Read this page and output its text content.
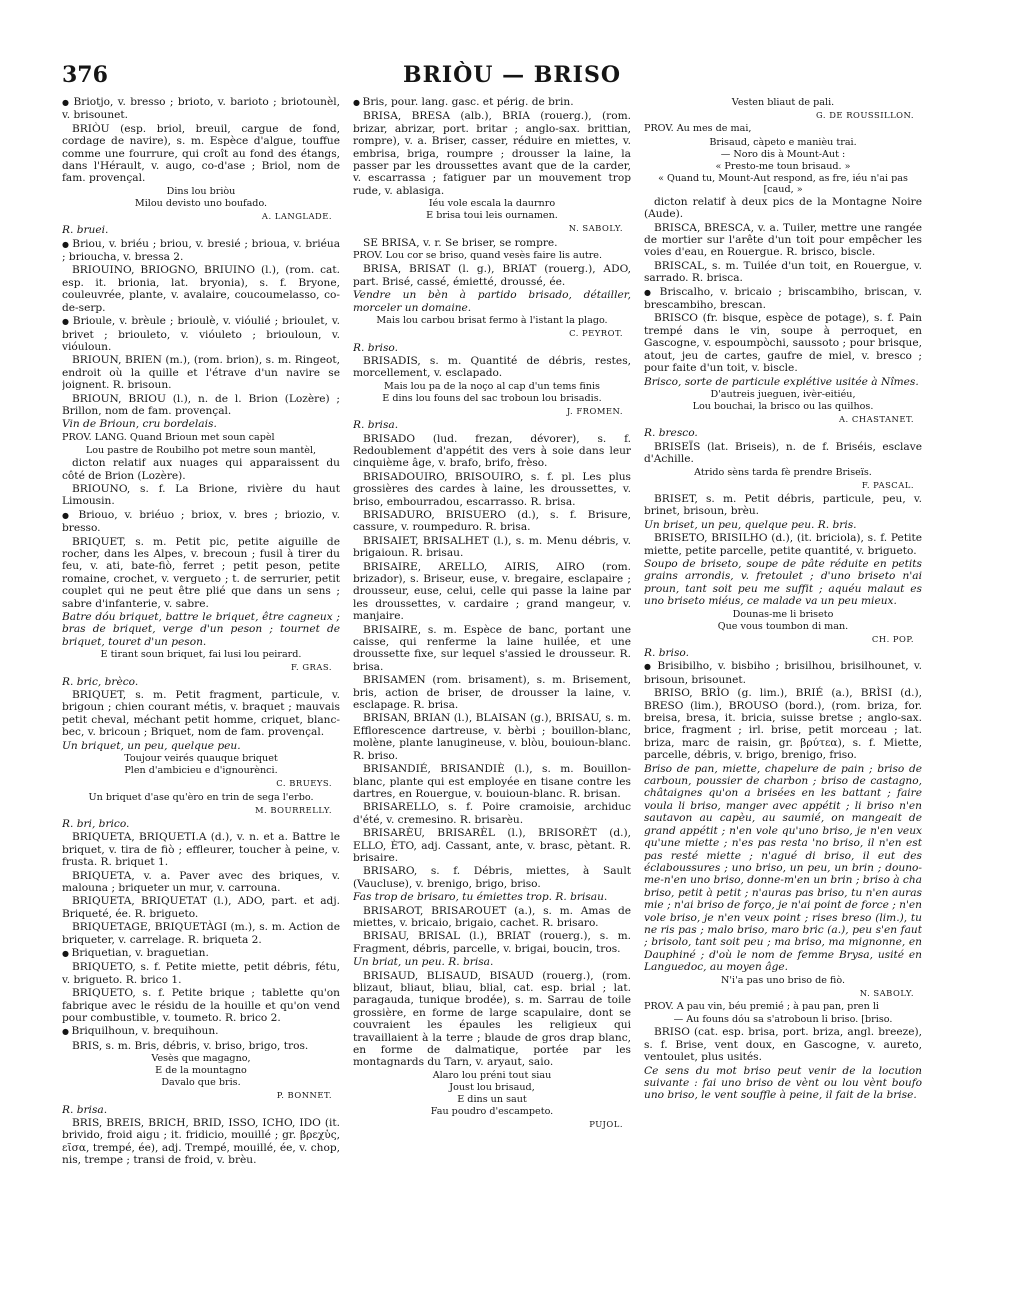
376	BRIÒU — BRISO

● Briotjo, v. bresso ; brioto, v. barioto ; briotounèl, v. brisounet.

BRIÒU (esp. briol, breuil, cargue de fond, cordage de navire), s. m. Espèce d'algue, touffue comme une fourrure, qui croît au fond des étangs, dans l'Hérault, v. augo, co-d'ase ; Briol, nom de fam. provençal.

Dins lou briòu

Milou devisto uno boufado.

A. LANGLADE.

R. bruei.

● Briou, v. briéu ; briou, v. bresié ; brioua, v. briéua ; brioucha, v. bressa 2.

BRIOUINO, BRIOGNO, BRIUINO (l.), (rom. cat. esp. it. brionia, lat. bryonia), s. f. Bryone, couleuvrée, plante, v. avalaire, coucoumelasso, co-de-serp.

● Brioule, v. brèule ; brioulè, v. vióulié ; brioulet, v. brivet ; briouleto, v. vióuleto ; briouloun, v. vióuloun.

BRIOUN, BRIEN (m.), (rom. brion), s. m. Ringeot, endroit où la quille et l'étrave d'un navire se joignent. R. brisoun.

BRIOUN, BRIOU (l.), n. de l. Brion (Lozère) ; Brillon, nom de fam. provençal.

Vin de Brioun, cru bordelais.

PROV. LANG. Quand Brioun met soun capèl

Lou pastre de Roubilho pot metre soun mantèl,

dicton relatif aux nuages qui apparaissent du côté de Brion (Lozère).

BRIOUNO, s. f. La Brione, rivière du haut Limousin.

● Briouo, v. briéuo ; briox, v. bres ; briozio, v. bresso.

BRIQUET, s. m. Petit pic, petite aiguille de rocher, dans les Alpes, v. brecoun ; fusil à tirer du feu, v. ati, bate-fiò, ferret ; petit peson, petite romaine, crochet, v. vergueto ; t. de serrurier, petit couplet qui ne peut être plié que dans un sens ; sabre d'infanterie, v. sabre.

Batre dóu briquet, battre le briquet, être cagneux ; bras de briquet, verge d'un peson ; tournet de briquet, touret d'un peson.

E tirant soun briquet, fai lusi lou peirard.

F. GRAS.

R. bric, brèco.

BRIQUET, s. m. Petit fragment, particule, v. brigoun ; chien courant métis, v. braquet ; mauvais petit cheval, méchant petit homme, criquet, blanc-bec, v. bricoun ; Briquet, nom de fam. provençal.

Un briquet, un peu, quelque peu.

Toujour veirés quauque briquet

Plen d'ambicieu e d'ignourènci.

C. BRUEYS.

Un briquet d'ase qu'èro en trin de sega l'erbo.

M. BOURRELLY.

R. bri, brico.

BRIQUETA, BRIQUETI.A (d.), v. n. et a. Battre le briquet, v. tira de fiò ; effleurer, toucher à peine, v. frusta. R. briquet 1.

BRIQUETA, v. a. Paver avec des briques, v. malouna ; briqueter un mur, v. carrouna.

BRIQUETA, BRIQUETAT (l.), ADO, part. et adj. Briqueté, ée. R. brigueto.

BRIQUETAGE, BRIQUETÀGI (m.), s. m. Action de briqueter, v. carrelage. R. briqueta 2.

● Briquetian, v. braguetian.

BRIQUETO, s. f. Petite miette, petit débris, fétu, v. brigueto. R. brico 1.

BRIQUETO, s. f. Petite brique ; tablette qu'on fabrique avec le résidu de la houille et qu'on vend pour combustible, v. toumeto. R. brico 2.

● Briquilhoun, v. brequihoun.

BRIS, s. m. Bris, débris, v. briso, brigo, tros.

Vesès que magagno,

E de la mountagno

Davalo que bris.

P. BONNET.

R. brisa.

BRIS, BREIS, BRICH, BRID, ISSO, ICHO, IDO (it. brivido, froid aigu ; it. fridicio, mouillé ; gr. βρεχὑς, εῖσα, trempé, ée), adj. Trempé, mouillé, ée, v. chop, nis, trempe ; transi de froid, v. brèu.

● Bris, pour. lang. gasc. et périg. de brin.

BRISA, BRESA (alb.), BRIA (rouerg.), (rom. brizar, abrizar, port. britar ; anglo-sax. brittian, rompre), v. a. Briser, casser, réduire en miettes, v. embrisa, briga, roumpre ; drousser la laine, la passer par les droussettes avant que de la carder, v. escarrassa ; fatiguer par un mouvement trop rude, v. ablasiga.

Iéu vole escala la daurnro

E brisa toui leis ournamen.

N. SABOLY.

SE BRISA, v. r. Se briser, se rompre.

PROV. Lou cor se briso, quand vesès faire lis autre.

BRISA, BRISAT (l. g.), BRIAT (rouerg.), ADO, part. Brisé, cassé, émietté, droussé, ée.

Vendre un bèn à partido brisado, détailler, morceler un domaine.

Mais lou carbou brisat fermo à l'istant la plago.

C. PEYROT.

R. briso.

BRISADIS, s. m. Quantité de débris, restes, morcellement, v. esclapado.

Mais lou pa de la noço al cap d'un tems finis

E dins lou founs del sac troboun lou brisadis.

J. FROMEN.

R. brisa.

BRISADO (lud. frezan, dévorer), s. f. Redoublement d'appétit des vers à soie dans leur cinquième âge, v. brafo, brifo, frèso.

BRISADOUIRO, BRISOUIRO, s. f. pl. Les plus grossières des cardes à laine, les droussettes, v. briso, embourradou, escarrasso. R. brisa.

BRISADURO, BRISUERO (d.), s. f. Brisure, cassure, v. roumpeduro. R. brisa.

BRISAIET, BRISALHET (l.), s. m. Menu débris, v. brigaioun. R. brisau.

BRISAIRE, ARELLO, AIRIS, AIRO (rom. brizador), s. Briseur, euse, v. bregaire, esclapaire ; drousseur, euse, celui, celle qui passe la laine par les droussettes, v. cardaire ; grand mangeur, v. manjaire.

BRISAIRE, s. m. Espèce de banc, portant une caisse, qui renferme la laine huilée, et une droussette fixe, sur lequel s'assied le drousseur. R. brisa.

BRISAMEN (rom. brisament), s. m. Brisement, bris, action de briser, de drousser la laine, v. esclapage. R. brisa.

BRISAN, BRIAN (l.), BLAISAN (g.), BRISAU, s. m. Efflorescence dartreuse, v. bèrbi ; bouillon-blanc, molène, plante lanugineuse, v. blòu, bouioun-blanc. R. briso.

BRISANDIÉ, BRISANDIÈ (l.), s. m. Bouillon-blanc, plante qui est employée en tisane contre les dartres, en Rouergue, v. bouioun-blanc. R. brisan.

BRISARELLO, s. f. Poire cramoisie, archiduc d'été, v. cremesino. R. brisarèu.

BRISARÈU, BRISARÈL (l.), BRISORÈT (d.), ELLO, ÈTO, adj. Cassant, ante, v. brasc, pètant. R. brisaire.

BRISARO, s. f. Débris, miettes, à Sault (Vaucluse), v. brenigo, brigo, briso.

Fas trop de brisaro, tu émiettes trop. R. brisau.

BRISAROT, BRISAROUET (a.), s. m. Amas de miettes, v. bricaio, brigaio, cachet. R. brisaro.

BRISAU, BRISAL (l.), BRIAT (rouerg.), s. m. Fragment, débris, parcelle, v. brigai, boucin, tros.

Un briat, un peu. R. brisa.

BRISAUD, BLISAUD, BISAUD (rouerg.), (rom. blizaut, bliaut, bliau, blial, cat. esp. brial ; lat. paragauda, tunique brodée), s. m. Sarrau de toile grossière, en forme de large scapulaire, dont se couvraient les épaules les religieux qui travaillaient à la terre ; blaude de gros drap blanc, en forme de dalmatique, portée par les montagnards du Tarn, v. aryaut, saio.

Alaro lou préni tout siau

Joust lou brisaud,

E dins un saut

Fau poudro d'escampeto.

PUJOL.

Vesten bliaut de pali.

G. DE ROUSSILLON.

PROV. Au mes de mai,

Brisaud, càpeto e manièu trai.

— Noro dis à Mount-Aut :

« Presto-me toun brisaud. »

« Quand tu, Mount-Aut respond, as fre, iéu n'ai pas [caud, »

dicton relatif à deux pics de la Montagne Noire (Aude).

BRISCA, BRESCA, v. a. Tuiler, mettre une rangée de mortier sur l'arête d'un toit pour empêcher les voies d'eau, en Rouergue. R. brisco, biscle.

BRISCAL, s. m. Tuilée d'un toit, en Rouergue, v. sarrado. R. brisca.

● Briscalho, v. bricaio ; briscambiho, briscan, v. brescambiho, brescan.

BRISCO (fr. bisque, espèce de potage), s. f. Pain trempé dans le vin, soupe à perroquet, en Gascogne, v. espoumpòchi, saussoto ; pour brisque, atout, jeu de cartes, gaufre de miel, v. bresco ; pour faite d'un toit, v. biscle.

Brisco, sorte de particule explétive usitée à Nîmes.

D'autreis jueguen, ivèr-eitiéu,

Lou bouchai, la brisco ou las quilhos.

A. CHASTANET.

R. bresco.

BRISEÏS (lat. Briseis), n. de f. Briséis, esclave d'Achille.

Atrido sèns tarda fè prendre Briseïs.

F. PASCAL.

BRISET, s. m. Petit débris, particule, peu, v. brinet, brisoun, brèu.

Un briset, un peu, quelque peu. R. bris.

BRISETO, BRISILHO (d.), (it. briciola), s. f. Petite miette, petite parcelle, petite quantité, v. brigueto.

Soupo de briseto, soupe de pâte réduite en petits grains arrondis, v. fretoulet ; d'uno briseto n'ai proun, tant soit peu me suffit ; aquéu malaut es uno briseto miéus, ce malade va un peu mieux.

Dounas-me li briseto

Que vous toumbon di man.

CH. POP.

R. briso.

● Brisibilho, v. bisbiho ; brisilhou, brisilhounet, v. brisoun, brisounet.

BRISO, BRÌO (g. lim.), BRIÉ (a.), BRÌSI (d.), BRESO (lim.), BROUSO (bord.), (rom. briza, for. breisa, bresa, it. bricia, suisse bretse ; anglo-sax. brice, fragment ; irl. brise, petit morceau ; lat. briza, marc de raisin, gr. βρύτεα), s. f. Miette, parcelle, débris, v. brigo, brenigo, friso.

Briso de pan, miette, chapelure de pain ; briso de carboun, poussier de charbon ; briso de castagno, châtaignes qu'on a brisées en les battant ; faire voula li briso, manger avec appétit ; li briso n'en sautavon au capèu, au saumié, on mangeait de grand appétit ; n'en vole qu'uno briso, je n'en veux qu'une miette ; n'es pas resta 'no briso, il n'en est pas resté miette ; n'agué di briso, il eut des éclaboussures ; uno briso, un peu, un brin ; douno-me-n'en uno briso, donne-m'en un brin ; briso à cha briso, petit à petit ; n'auras pas briso, tu n'en auras mie ; n'ai briso de forço, je n'ai point de force ; n'en vole briso, je n'en veux point ; rises breso (lim.), tu ne ris pas ; malo briso, maro bric (a.), peu s'en faut ; brisolo, tant soit peu ; ma briso, ma mignonne, en Dauphiné ; d'où le nom de femme Brysa, usité en Languedoc, au moyen âge.

N'i'a pas uno briso de fiò.

N. SABOLY.

PROV. A pau vin, béu premié ; à pau pan, pren li

— Au founs dóu sa s'atroboun li briso. [briso.

BRISO (cat. esp. brisa, port. briza, angl. breeze), s. f. Brise, vent doux, en Gascogne, v. aureto, ventoulet, plus usités.

Ce sens du mot briso peut venir de la locution suivante : fai uno briso de vènt ou lou vènt boufo uno briso, le vent souffle à peine, il fait de la brise.
